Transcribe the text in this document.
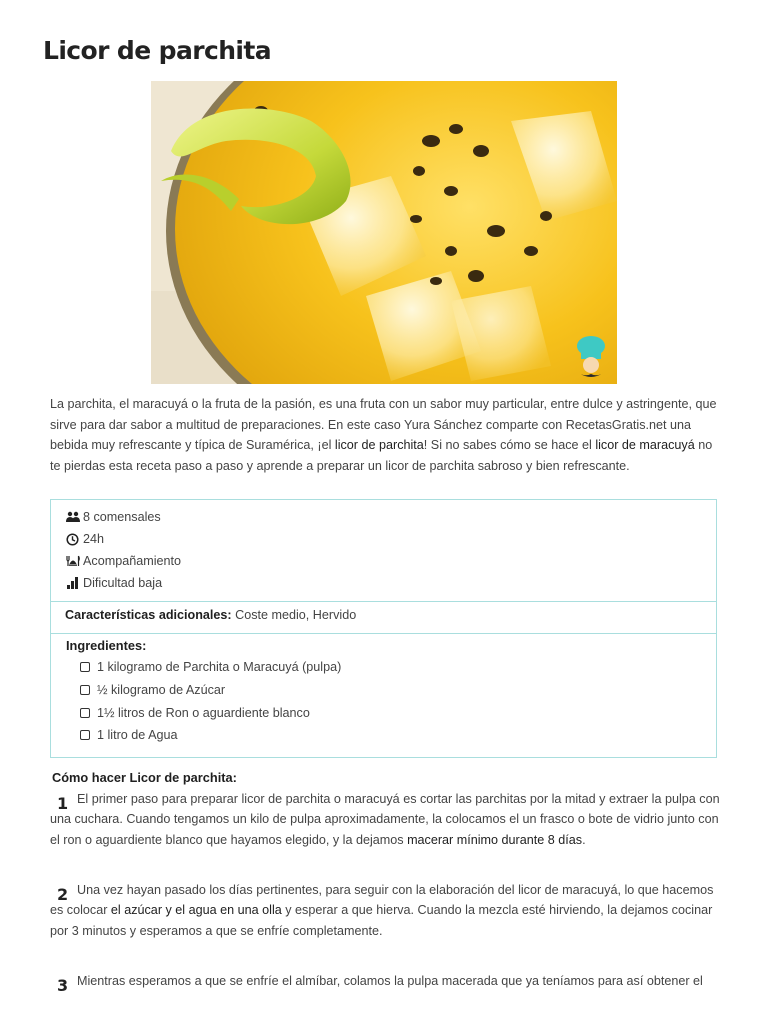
Licor de parchita

La parchita, el maracuyá o la fruta de la pasión, es una fruta con un sabor muy particular, entre dulce y astringente, que sirve para dar sabor a multitud de preparaciones. En este caso Yura Sánchez comparte con RecetasGratis.net una bebida muy refrescante y típica de Suramérica, ¡el licor de parchita! Si no sabes cómo se hace el licor de maracuyá no te pierdas esta receta paso a paso y aprende a preparar un licor de parchita sabroso y bien refrescante.

8 comensales
24h
Acompañamiento
Dificultad baja
Características adicionales: Coste medio, Hervido
Ingredientes:
1 kilogramo de Parchita o Maracuyá (pulpa)
½ kilogramo de Azúcar
1½ litros de Ron o aguardiente blanco
1 litro de Agua
Cómo hacer Licor de parchita:
1 El primer paso para preparar licor de parchita o maracuyá es cortar las parchitas por la mitad y extraer la pulpa con una cuchara. Cuando tengamos un kilo de pulpa aproximadamente, la colocamos el un frasco o bote de vidrio junto con el ron o aguardiente blanco que hayamos elegido, y la dejamos macerar mínimo durante 8 días.

2 Una vez hayan pasado los días pertinentes, para seguir con la elaboración del licor de maracuyá, lo que hacemos es colocar el azúcar y el agua en una olla y esperar a que hierva. Cuando la mezcla esté hirviendo, la dejamos cocinar por 3 minutos y esperamos a que se enfríe completamente.

3 Mientras esperamos a que se enfríe el almíbar, colamos la pulpa macerada que ya teníamos para así obtener el
